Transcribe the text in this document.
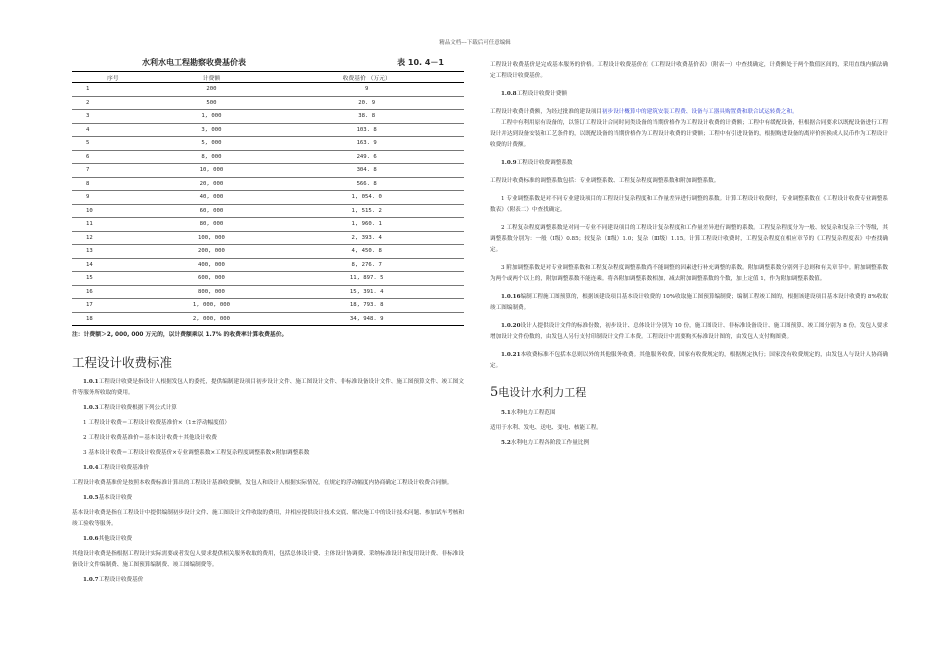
精品文档---下载后可任意编辑
水利水电工程勘察收费基价表	表 10. 4－1
序号	计费额	收费基价 （万元）
1	200	9
2	500	20. 9
3	1, 000	38. 8
4	3, 000	103. 8
5	5, 000	163. 9
6	8, 000	249. 6
7	10, 000	304. 8
8	20, 000	566. 8
9	40, 000	1, 054. 0
10	60, 000	1, 515. 2
11	80, 000	1, 960. 1
12	100, 000	2, 393. 4
13	200, 000	4, 450. 8
14	400, 000	8, 276. 7
15	600, 000	11, 897. 5
16	800, 000	15, 391. 4
17	1, 000, 000	18, 793. 8
18	2, 000, 000	34, 948. 9
注：计费额＞2, 000, 000 万元的，以计费额乘以 1.7% 的收费率计算收费基价。
工程设计收费标准

1.0.1工程设计收费是指设计人根据发包人的委托，提供编制建设项目初步设计文件、施工图设计文件、非标准设备设计文件、施工图预算文件、竣工图文件等服务所收取的费用。

1.0.3工程设计收费根据下列公式计算

1 工程设计收费＝工程设计收费基准价×（1±浮动幅度值）

2 工程设计收费基准价＝基本设计收费＋其他设计收费

3 基本设计收费＝工程设计收费基价×专业调整系数×工程复杂程度调整系数×附加调整系数

1.0.4工程设计收费基准价

工程设计收费基准价是按照本收费标准计算出的工程设计基准收费额，发包人和设计人根据实际情况，在规定的浮动幅度内协商确定工程设计收费合同额。

1.0.5基本设计收费

基本设计收费是指在工程设计中提供编制初步设计文件、施工图设计文件收取的费用，并相应提供设计技术交底、解决施工中的设计技术问题、参加试车考核和竣工验收等服务。

1.0.6其他设计收费

其他设计收费是指根据工程设计实际需要或者发包人要求提供相关服务收取的费用，包括总体设计费、主体设计协调费、采纳标准设计和复用设计费、非标准设备设计文件编制费、施工图预算编制费、竣工图编制费等。

1.0.7工程设计收费基价

工程设计收费基价是完成基本服务的价格。工程设计收费基价在《工程设计收费基价表》（附表一）中查找确定，计费额处于两个数值区间的，采用直线内插法确定工程设计收费基价。

1.0.8工程设计收费计费额

工程设计收费计费额，为经过批准的建设项目初步设计概算中的建筑安装工程费、设备与工器具购置费和联合试运转费之和。

工程中有利用原有设备的，以签订工程设计合同时同类设备的当期价格作为工程设计收费的计费额；工程中有缓配设备，但根据合同要求以既配设备进行工程设计并达到设备安装和工艺条件的，以既配设备的当期价格作为工程设计收费的计费额；工程中有引进设备的，根据购进设备的离岸价折换成人民币作为工程设计收费的计费额。

1.0.9工程设计收费调整系数

工程设计收费标准的调整系数包括：专业调整系数、工程复杂程度调整系数和附加调整系数。

1 专业调整系数是对不同专业建设项目的工程设计复杂程度和工作量差异进行调整的系数。计算工程设计收费时，专业调整系数在《工程设计收费专业调整系数表》（附表二）中查找确定。

2 工程复杂程度调整系数是对同一专业不同建设项目的工程设计复杂程度和工作量差异进行调整的系数。工程复杂程度分为一般、较复杂和复杂三个等级，其调整系数分别为：一般（Ⅰ级）0.85；较复杂（Ⅱ级）1.0；复杂（Ⅲ级）1.15。计算工程设计收费时，工程复杂程度在相应章节的《工程复杂程度表》中查找确定。

3 附加调整系数是对专业调整系数和工程复杂程度调整系数尚不能调整的因素进行补充调整的系数。附加调整系数分别列于总则和有关章节中。附加调整系数为两个或两个以上的，附加调整系数不能连乘。将各附加调整系数相加，减去附加调整系数的个数，加上定值 1，作为附加调整系数值。

1.0.16编制工程施工图预算的，根据该建设项目基本设计收费的 10%收取施工图预算编制费；编制工程竣工图的，根据该建设项目基本设计收费的 8%收取竣工图编制费。

1.0.20设计人提供设计文件的标准份数，初步设计、总体设计分别为 10 份，施工图设计、非标准设备设计、施工图预算、竣工图分别为 8 份。发包人要求增加设计文件份数的，由发包人另行支付印制设计文件工本费。工程设计中需要购买标准设计图的，由发包人支付购图费。

1.0.21本收费标准不包括本总则以外的其他服务收费。其他服务收费，国家有收费规定的，根据规定执行；国家没有收费规定的，由发包人与设计人协商确定。

5电设计水利力工程
5.1水利电力工程范围

适用于水利、发电、送电、变电、核能工程。

5.2水利电力工程各阶段工作量比例
